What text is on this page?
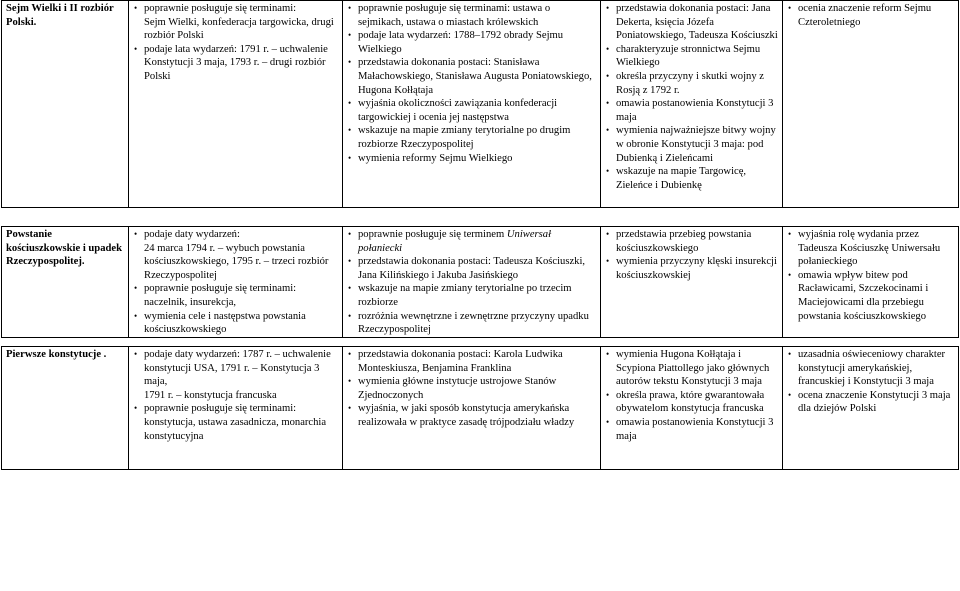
Sejm Wielki i II rozbiór Polski.	
• poprawnie posługuje się terminami:
Sejm Wielki, konfederacja targowicka, drugi rozbiór Polski
• podaje lata wydarzeń: 1791 r. – uchwalenie Konstytucji 3 maja, 1793 r. – drugi rozbiór Polski

• poprawnie posługuje się terminami: ustawa o sejmikach, ustawa o miastach królewskich
• podaje lata wydarzeń: 1788–1792 obrady Sejmu Wielkiego
• przedstawia dokonania postaci: Stanisława Małachowskiego, Stanisława Augusta Poniatowskiego, Hugona Kołłątaja
• wyjaśnia okoliczności zawiązania konfederacji targowickiej i ocenia jej następstwa
• wskazuje na mapie zmiany terytorialne po drugim rozbiorze Rzeczypospolitej
• wymienia reformy Sejmu Wielkiego

• przedstawia dokonania postaci: Jana Dekerta, księcia Józefa Poniatowskiego, Tadeusza Kościuszki
• charakteryzuje stronnictwa Sejmu Wielkiego
• określa przyczyny i skutki wojny z Rosją z 1792 r.
• omawia postanowienia Konstytucji 3 maja
• wymienia najważniejsze bitwy wojny w obronie Konstytucji 3 maja: pod Dubienką i Zieleńcami
• wskazuje na mapie Targowicę, Zieleńce i Dubienkę

• ocenia znaczenie reform Sejmu Czteroletniego
Powstanie kościuszkowskie i upadek Rzeczypospolitej.	
• podaje daty wydarzeń:
24 marca 1794 r. – wybuch powstania kościuszkowskiego, 1795 r. – trzeci rozbiór Rzeczypospolitej
• poprawnie posługuje się terminami: naczelnik, insurekcja,
• wymienia cele i następstwa powstania kościuszkowskiego

• poprawnie posługuje się terminem Uniwersał połaniecki
• przedstawia dokonania postaci: Tadeusza Kościuszki, Jana Kilińskiego i Jakuba Jasińskiego
• wskazuje na mapie zmiany terytorialne po trzecim rozbiorze
• rozróżnia wewnętrzne i zewnętrzne przyczyny upadku Rzeczypospolitej

• przedstawia przebieg powstania kościuszkowskiego
• wymienia przyczyny klęski insurekcji kościuszkowskiej

• wyjaśnia rolę wydania przez Tadeusza Kościuszkę Uniwersału połanieckiego
• omawia wpływ bitew pod Racławicami, Szczekocinami i Maciejowicami dla przebiegu powstania kościuszkowskiego
Pierwsze konstytucje .	
•podaje daty wydarzeń: 1787 r. – uchwalenie konstytucji USA, 1791 r. – Konstytucja 3 maja,
1791 r. – konstytucja francuska
• poprawnie posługuje się terminami: konstytucja, ustawa zasadnicza, monarchia konstytucyjna

• przedstawia dokonania postaci: Karola Ludwika Monteskiusza, Benjamina Franklina
• wymienia główne instytucje ustrojowe Stanów Zjednoczonych
• wyjaśnia, w jaki sposób konstytucja amerykańska realizowała w praktyce zasadę trójpodziału władzy

• wymienia Hugona Kołłątaja i Scypiona Piattollego jako głównych autorów tekstu Konstytucji 3 maja
• określa prawa, które gwarantowała obywatelom konstytucja francuska
• omawia postanowienia Konstytucji 3 maja

• uzasadnia oświeceniowy charakter konstytucji amerykańskiej, francuskiej i Konstytucji 3 maja
• ocena znaczenie Konstytucji 3 maja dla dziejów Polski
